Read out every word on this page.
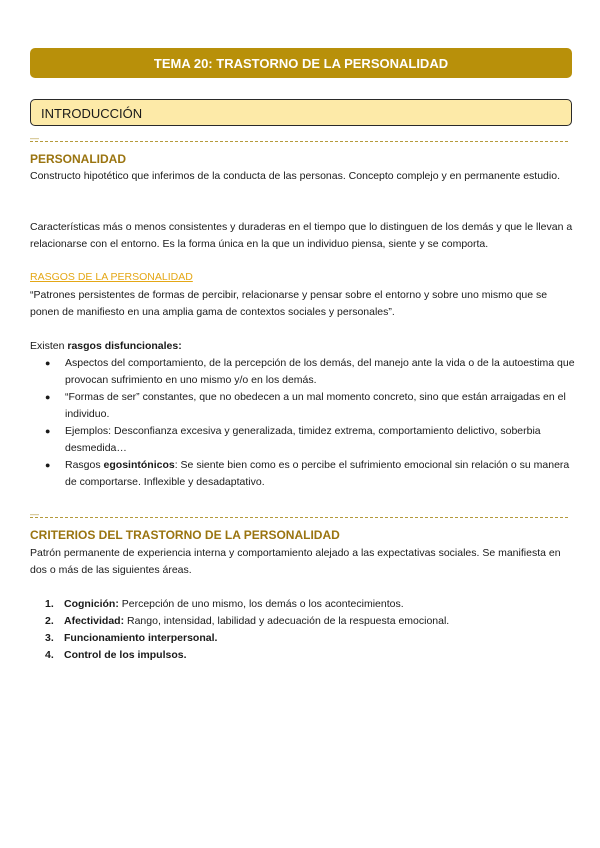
TEMA 20: TRASTORNO DE LA PERSONALIDAD
INTRODUCCIÓN
—
PERSONALIDAD

Constructo hipotético que inferimos de la conducta de las personas. Concepto complejo y en permanente estudio.

Características más o menos consistentes y duraderas en el tiempo que lo distinguen de los demás y que le llevan a relacionarse con el entorno. Es la forma única en la que un individuo piensa, siente y se comporta.

RASGOS DE LA PERSONALIDAD

“Patrones persistentes de formas de percibir, relacionarse y pensar sobre el entorno y sobre uno mismo que se ponen de manifiesto en una amplia gama de contextos sociales y personales”.

Existen rasgos disfuncionales:

● Aspectos del comportamiento, de la percepción de los demás, del manejo ante la vida o de la autoestima que provocan sufrimiento en uno mismo y/o en los demás.
● “Formas de ser” constantes, que no obedecen a un mal momento concreto, sino que están arraigadas en el individuo.
● Ejemplos: Desconfianza excesiva y generalizada, timidez extrema, comportamiento delictivo, soberbia desmedida…
● Rasgos egosintónicos: Se siente bien como es o percibe el sufrimiento emocional sin relación o su manera de comportarse. Inflexible y desadaptativo.
—
CRITERIOS DEL TRASTORNO DE LA PERSONALIDAD

Patrón permanente de experiencia interna y comportamiento alejado a las expectativas sociales. Se manifiesta en dos o más de las siguientes áreas.

1. Cognición: Percepción de uno mismo, los demás o los acontecimientos.
2. Afectividad: Rango, intensidad, labilidad y adecuación de la respuesta emocional.
3. Funcionamiento interpersonal.
4. Control de los impulsos.
